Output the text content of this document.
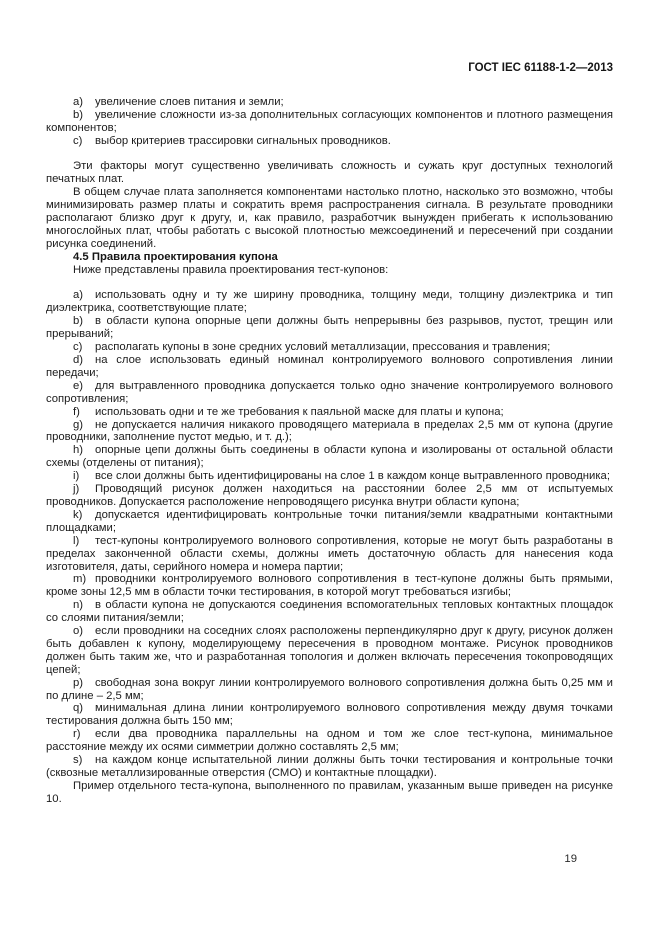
ГОСТ IEC 61188-1-2—2013
a) увеличение слоев питания и земли;
b) увеличение сложности из-за дополнительных согласующих компонентов и плотного размещения компонентов;
c) выбор критериев трассировки сигнальных проводников.
Эти факторы могут существенно увеличивать сложность и сужать круг доступных технологий печатных плат.
В общем случае плата заполняется компонентами настолько плотно, насколько это возможно, чтобы минимизировать размер платы и сократить время распространения сигнала. В результате проводники располагают близко друг к другу, и, как правило, разработчик вынужден прибегать к использованию многослойных плат, чтобы работать с высокой плотностью межсоединений и пересечений при создании рисунка соединений.
4.5 Правила проектирования купона
Ниже представлены правила проектирования тест-купонов:
a) использовать одну и ту же ширину проводника, толщину меди, толщину диэлектрика и тип диэлектрика, соответствующие плате;
b) в области купона опорные цепи должны быть непрерывны без разрывов, пустот, трещин или прерываний;
c) располагать купоны в зоне средних условий металлизации, прессования и травления;
d) на слое использовать единый номинал контролируемого волнового сопротивления линии передачи;
e) для вытравленного проводника допускается только одно значение контролируемого волнового сопротивления;
f) использовать одни и те же требования к паяльной маске для платы и купона;
g) не допускается наличия никакого проводящего материала в пределах 2,5 мм от купона (другие проводники, заполнение пустот медью, и т. д.);
h) опорные цепи должны быть соединены в области купона и изолированы от остальной области схемы (отделены от питания);
i) все слои должны быть идентифицированы на слое 1 в каждом конце вытравленного проводника;
j) Проводящий рисунок должен находиться на расстоянии более 2,5 мм от испытуемых проводников. Допускается расположение непроводящего рисунка внутри области купона;
k) допускается идентифицировать контрольные точки питания/земли квадратными контактными площадками;
l) тест-купоны контролируемого волнового сопротивления, которые не могут быть разработаны в пределах законченной области схемы, должны иметь достаточную область для нанесения кода изготовителя, даты, серийного номера и номера партии;
m) проводники контролируемого волнового сопротивления в тест-купоне должны быть прямыми, кроме зоны 12,5 мм в области точки тестирования, в которой могут требоваться изгибы;
n) в области купона не допускаются соединения вспомогательных тепловых контактных площадок со слоями питания/земли;
o) если проводники на соседних слоях расположены перпендикулярно друг к другу, рисунок должен быть добавлен к купону, моделирующему пересечения в проводном монтаже. Рисунок проводников должен быть таким же, что и разработанная топология и должен включать пересечения токопроводящих цепей;
p) свободная зона вокруг линии контролируемого волнового сопротивления должна быть 0,25 мм и по длине – 2,5 мм;
q) минимальная длина линии контролируемого волнового сопротивления между двумя точками тестирования должна быть 150 мм;
r) если два проводника параллельны на одном и том же слое тест-купона, минимальное расстояние между их осями симметрии должно составлять 2,5 мм;
s) на каждом конце испытательной линии должны быть точки тестирования и контрольные точки (сквозные металлизированные отверстия (СМО) и контактные площадки).
Пример отдельного теста-купона, выполненного по правилам, указанным выше приведен на рисунке 10.
19
